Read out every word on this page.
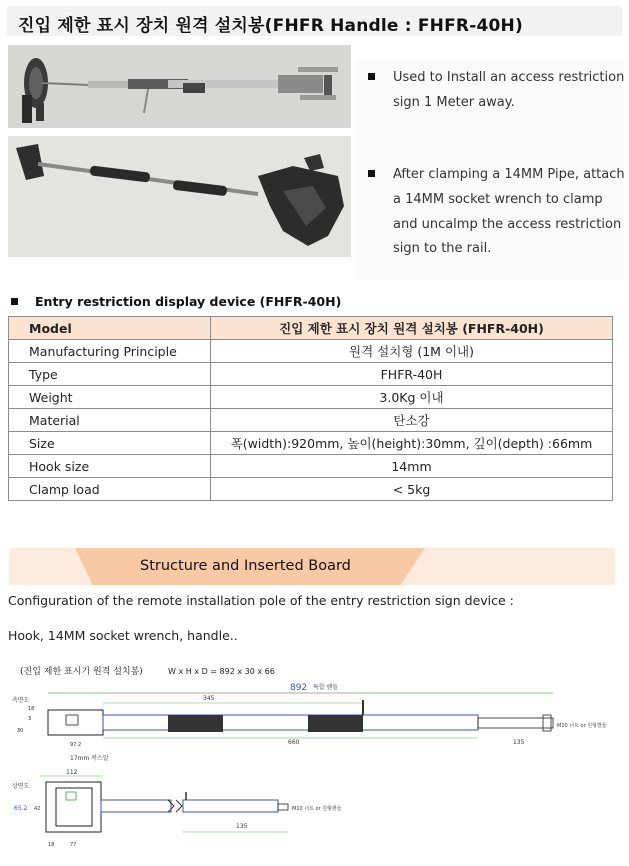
진입 제한 표시 장치 원격 설치봉(FHFR Handle : FHFR-40H)
Used to Install an access restriction
sign 1 Meter away.
After clamping a 14MM Pipe, attach
a 14MM socket wrench to clamp
and uncalmp the access restriction
sign to the rail.
Entry restriction display device (FHFR-40H)
Model	진입 제한 표시 장치 원격 설치봉 (FHFR-40H)
Manufacturing Principle	원격 설치형 (1M 이내)
Type	FHFR-40H
Weight	3.0Kg 이내
Material	탄소강
Size	폭(width):920mm, 높이(height):30mm, 깊이(depth) :66mm
Hook size	14mm
Clamp load	< 5kg
Structure and Inserted Board
Configuration of the remote installation pole of the entry restriction sign device :
Hook, 14MM socket wrench, handle..
(진입 제한 표시기 원격 설치봉)	W x H x D = 892 x 30 x 66
측면도
892 특합 핸들
345
18
3
30
M10 너트 or 원형핸들
97.2	660	135
17mm 복스알
상면도
112
65.2 42	M10 너트 or 원형핸들
135
18	77
